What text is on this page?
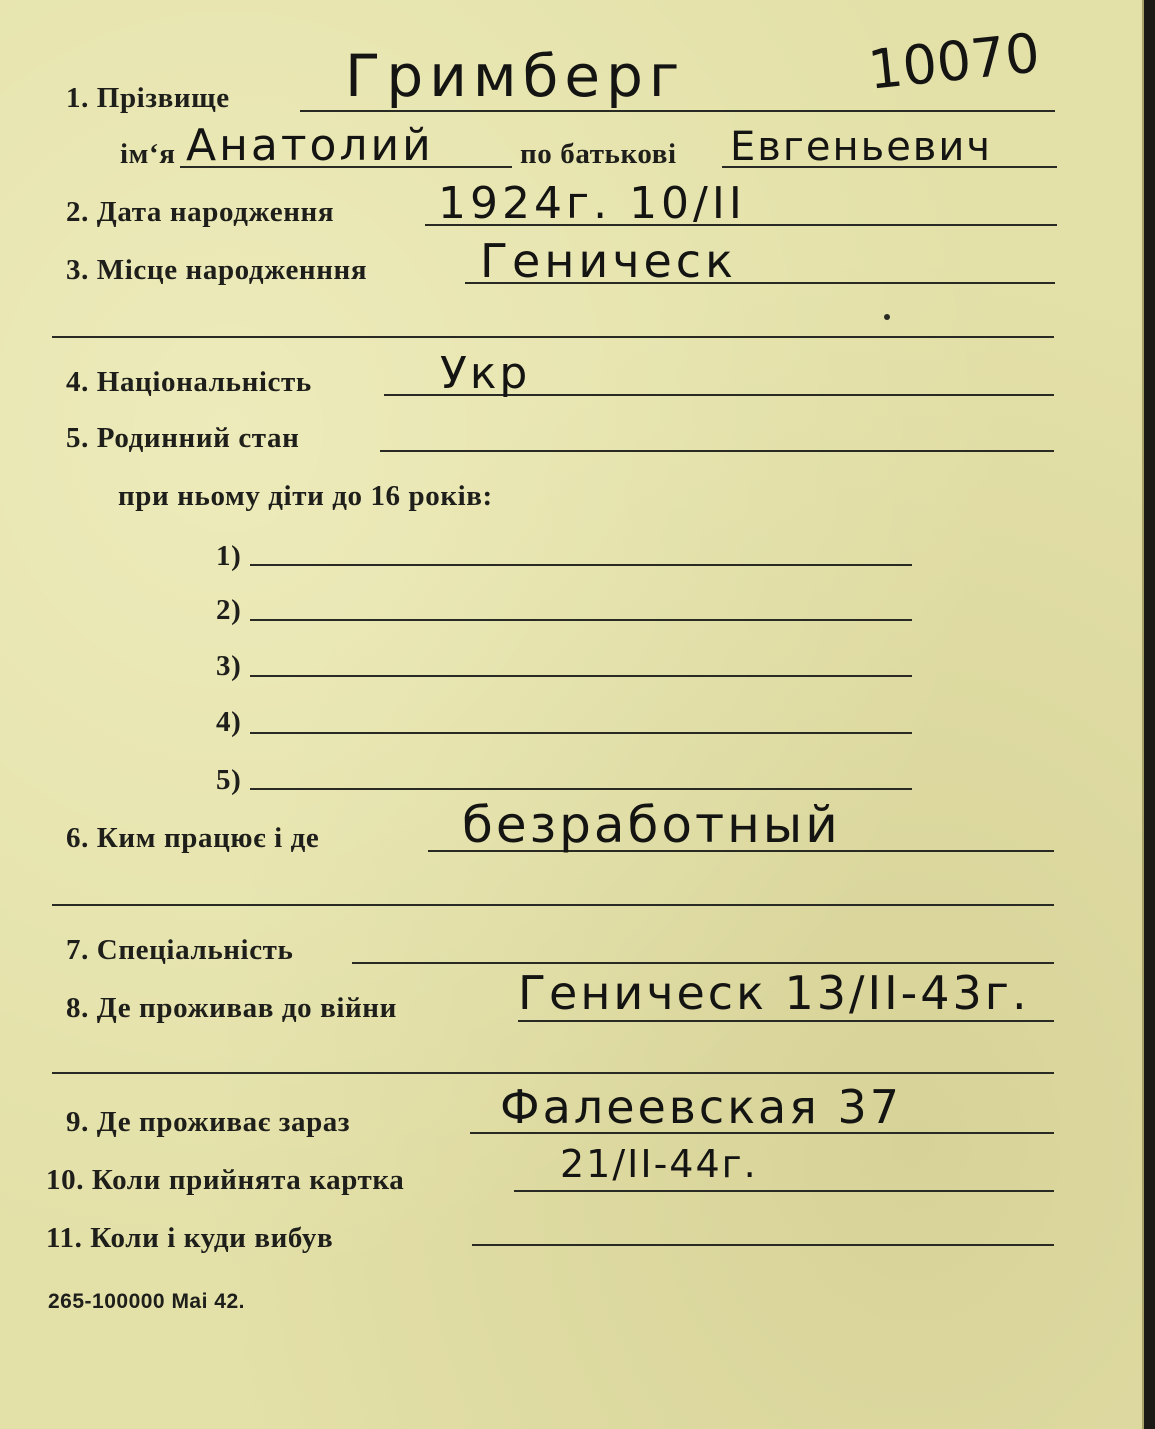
10070
1. Прізвище Гримберг
ім‘я Анатолий	по батькові Евгеньевич
2. Дата народження 1924г. 10/II
3. Місце народженння Геническ
4. Національність	Укр
5. Родинний стан
при ньому діти до 16 років:
1)
2)
3)
4)
5)
6. Ким працює і де	безработный
7. Спеціальність
8. Де проживав до війни	Геническ 13/II-43г.
9. Де проживає зараз	Фалеевская 37
10. Коли прийнята картка	21/II-44г.
11. Коли і куди вибув
265-100000 Mai 42.
